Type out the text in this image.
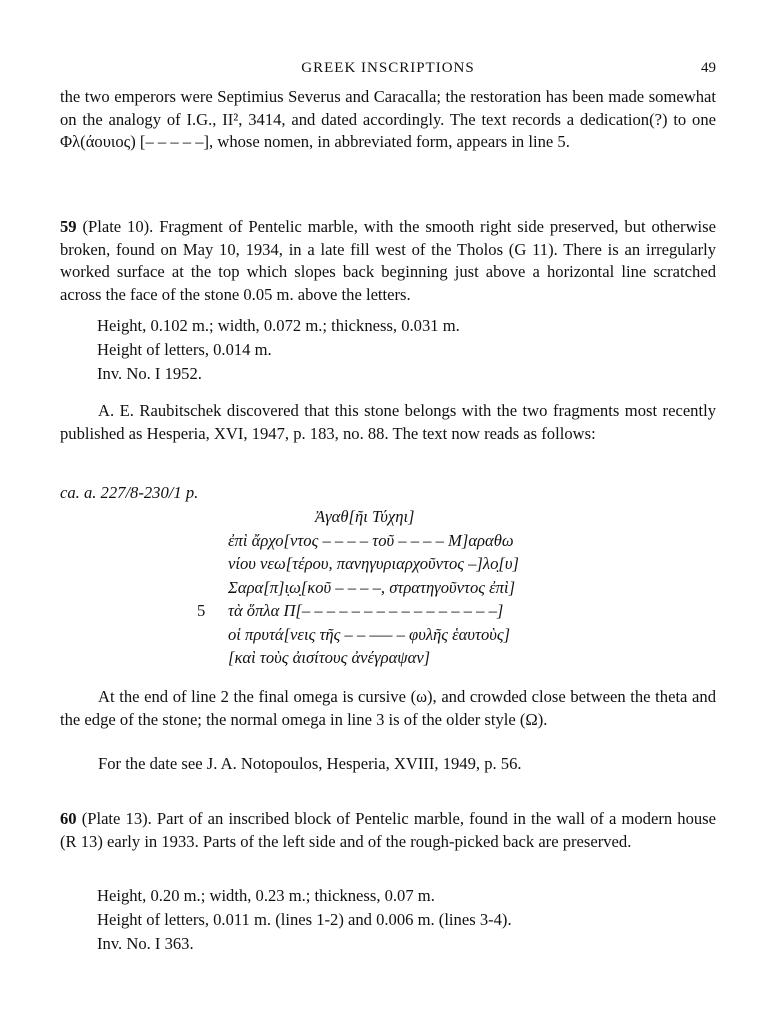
GREEK INSCRIPTIONS	49

the two emperors were Septimius Severus and Caracalla; the restoration has been made somewhat on the analogy of I.G., II², 3414, and dated accordingly. The text records a dedication(?) to one Φλ(άουιος) [– – – – –], whose nomen, in abbreviated form, appears in line 5.

59 (Plate 10). Fragment of Pentelic marble, with the smooth right side preserved, but otherwise broken, found on May 10, 1934, in a late fill west of the Tholos (G 11). There is an irregularly worked surface at the top which slopes back beginning just above a horizontal line scratched across the face of the stone 0.05 m. above the letters.

Height, 0.102 m.; width, 0.072 m.; thickness, 0.031 m.
Height of letters, 0.014 m.
Inv. No. I 1952.

A. E. Raubitschek discovered that this stone belongs with the two fragments most recently published as Hesperia, XVI, 1947, p. 183, no. 88. The text now reads as follows:

ca. a. 227/8-230/1 p.
Ἀγαθ[ῆι Τύχηι]
ἐπὶ ἄρχο[ντος – – – – τοῦ – – – – Μ]αραθω
νίου νεω[τέρου, πανηγυριαρχοῦντος –]λο̣[υ]
Σαρα[π]ι̣ω̣[κοῦ – – – –, στρατηγοῦντος ἐπὶ]
5 τὰ ὅπλα Π[– – – – – – – – – – – – – – – –]
οἱ πρυτά[νεις τῆς – – —– – φυλῆς ἑαυτοὺς]
[καὶ τοὺς ἀισίτους ἀνέγραψαν]

At the end of line 2 the final omega is cursive (ω), and crowded close between the theta and the edge of the stone; the normal omega in line 3 is of the older style (Ω).

For the date see J. A. Notopoulos, Hesperia, XVIII, 1949, p. 56.

60 (Plate 13). Part of an inscribed block of Pentelic marble, found in the wall of a modern house (R 13) early in 1933. Parts of the left side and of the rough-picked back are preserved.

Height, 0.20 m.; width, 0.23 m.; thickness, 0.07 m.
Height of letters, 0.011 m. (lines 1-2) and 0.006 m. (lines 3-4).
Inv. No. I 363.
